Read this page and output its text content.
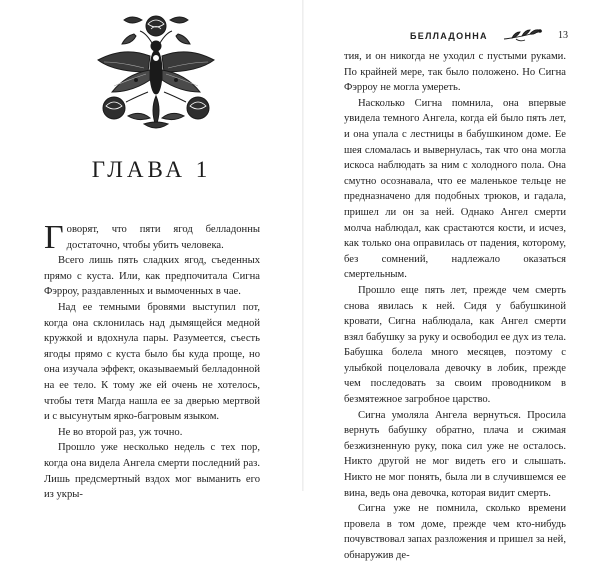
ГЛАВА 1

Говорят, что пяти ягод белладонны достаточно, чтобы убить человека.

Всего лишь пять сладких ягод, съеденных прямо с куста. Или, как предпочитала Сигна Фэрроу, раздавленных и вымоченных в чае.

Над ее темными бровями выступил пот, когда она склонилась над дымящейся медной кружкой и вдохнула пары. Разумеется, съесть ягоды прямо с куста было бы куда проще, но она изучала эффект, оказываемый белладонной на ее тело. К тому же ей очень не хотелось, чтобы тетя Магда нашла ее за дверью мертвой и с высунутым ярко-багровым языком.

Не во второй раз, уж точно.

Прошло уже несколько недель с тех пор, когда она видела Ангела смерти последний раз. Лишь предсмертный вздох мог выманить его из укры-

БЕЛЛАДОННА	13

тия, и он никогда не уходил с пустыми руками. По крайней мере, так было положено. Но Сигна Фэрроу не могла умереть.

Насколько Сигна помнила, она впервые увидела темного Ангела, когда ей было пять лет, и она упала с лестницы в бабушкином доме. Ее шея сломалась и вывернулась, так что она могла искоса наблюдать за ним с холодного пола. Она смутно осознавала, что ее маленькое тельце не предназначено для подобных трюков, и гадала, пришел ли он за ней. Однако Ангел смерти молча наблюдал, как срастаются кости, и исчез, как только она оправилась от падения, которому, без сомнений, надлежало оказаться смертельным.

Прошло еще пять лет, прежде чем смерть снова явилась к ней. Сидя у бабушкиной кровати, Сигна наблюдала, как Ангел смерти взял бабушку за руку и освободил ее дух из тела. Бабушка болела много месяцев, поэтому с улыбкой поцеловала девочку в лобик, прежде чем последовать за своим проводником в безмятежное загробное царство.

Сигна умоляла Ангела вернуться. Просила вернуть бабушку обратно, плача и сжимая безжизненную руку, пока сил уже не осталось. Никто другой не мог видеть его и слышать. Никто не мог понять, была ли в случившемся ее вина, ведь она девочка, которая видит смерть.

Сигна уже не помнила, сколько времени провела в том доме, прежде чем кто-нибудь почувствовал запах разложения и пришел за ней, обнаружив де-
